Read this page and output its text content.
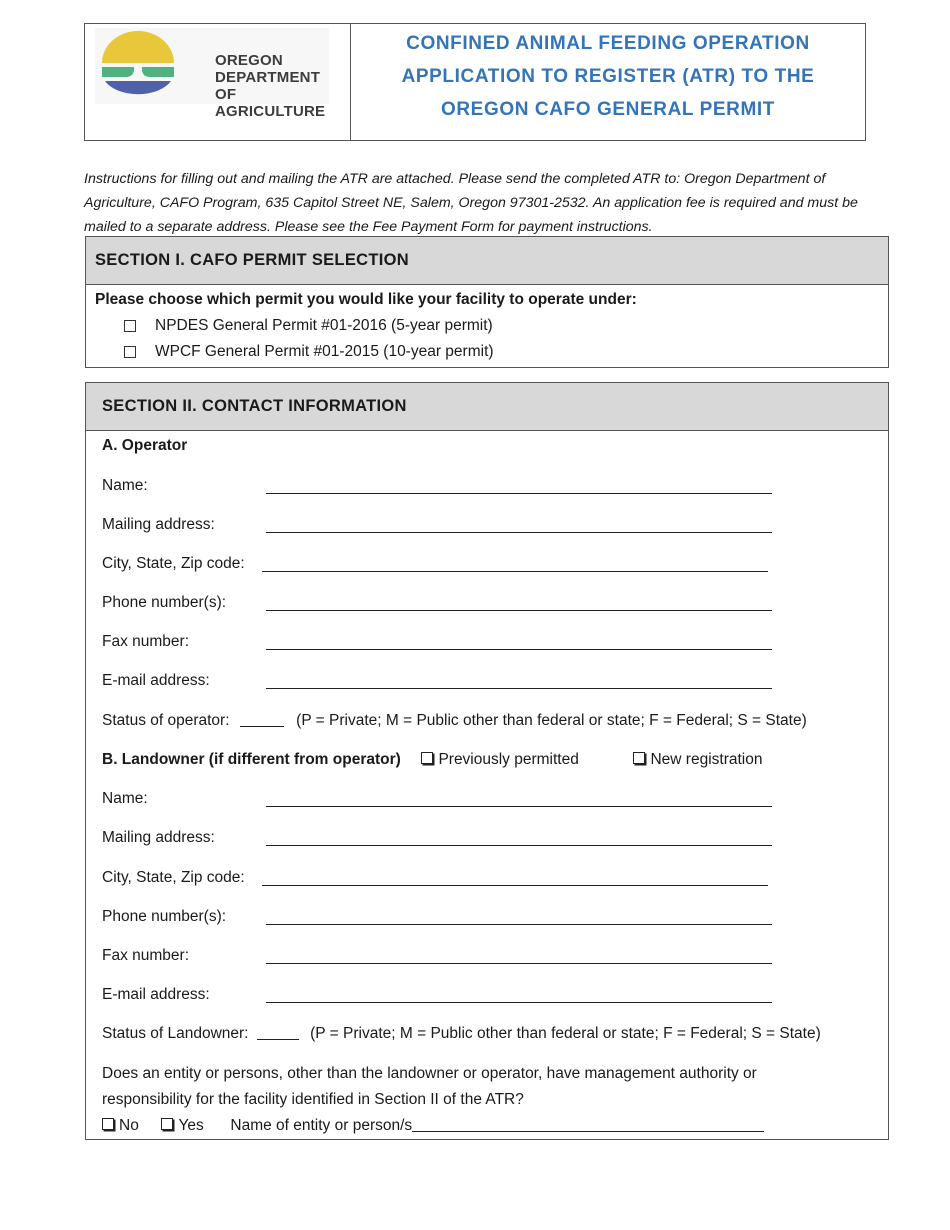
OREGON
DEPARTMENT OF
AGRICULTURE
CONFINED ANIMAL FEEDING OPERATION
APPLICATION TO REGISTER (ATR) TO THE
OREGON CAFO GENERAL PERMIT
Instructions for filling out and mailing the ATR are attached. Please send the completed ATR to: Oregon Department of Agriculture, CAFO Program, 635 Capitol Street NE, Salem, Oregon 97301-2532. An application fee is required and must be mailed to a separate address. Please see the Fee Payment Form for payment instructions.
SECTION I. CAFO PERMIT SELECTION
Please choose which permit you would like your facility to operate under:
NPDES General Permit #01-2016 (5-year permit)
WPCF General Permit #01-2015 (10-year permit)
SECTION II. CONTACT INFORMATION
A. Operator
Name:
Mailing address:
City, State, Zip code:
Phone number(s):
Fax number:
E-mail address:
Status of operator:	(P = Private; M = Public other than federal or state; F = Federal; S = State)
B. Landowner (if different from operator) Previously permitted	New registration
Name:
Mailing address:
City, State, Zip code:
Phone number(s):
Fax number:
E-mail address:
Status of Landowner:	(P = Private; M = Public other than federal or state; F = Federal; S = State)
Does an entity or persons, other than the landowner or operator, have management authority or
responsibility for the facility identified in Section II of the ATR?
No	Yes Name of entity or person/s
